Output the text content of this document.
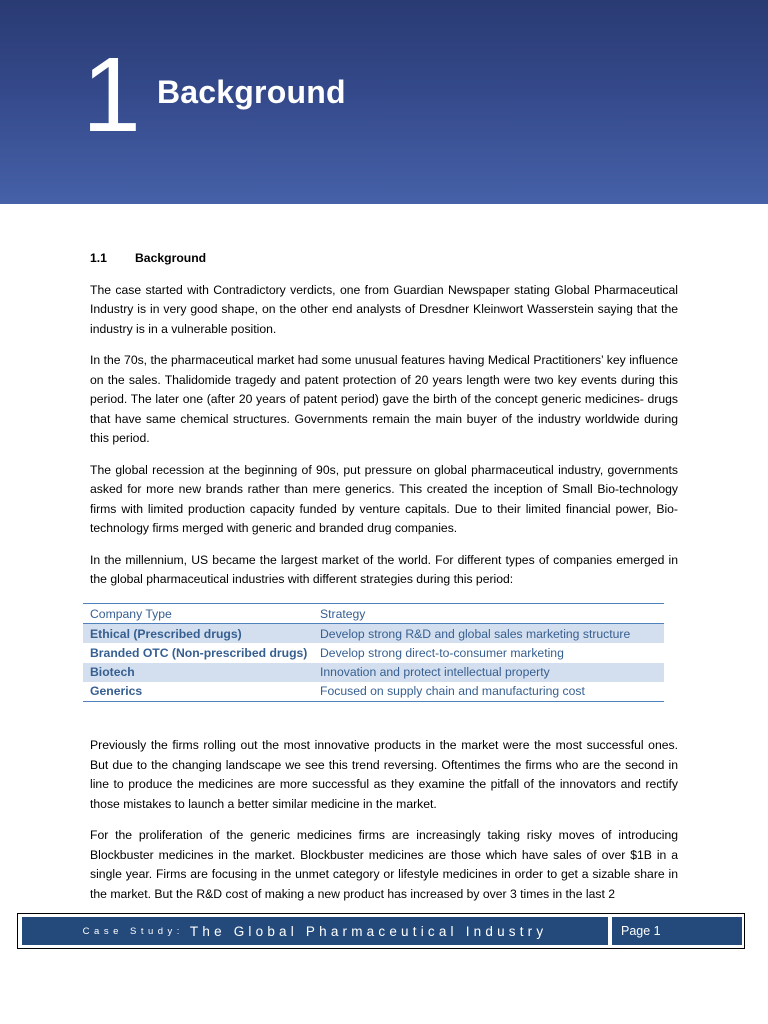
1 Background
1.1	Background

The case started with Contradictory verdicts, one from Guardian Newspaper stating Global Pharmaceutical Industry is in very good shape, on the other end analysts of Dresdner Kleinwort Wasserstein saying that the industry is in a vulnerable position.

In the 70s, the pharmaceutical market had some unusual features having Medical Practitioners’ key influence on the sales. Thalidomide tragedy and patent protection of 20 years length were two key events during this period. The later one (after 20 years of patent period) gave the birth of the concept generic medicines- drugs that have same chemical structures. Governments remain the main buyer of the industry worldwide during this period.

The global recession at the beginning of 90s, put pressure on global pharmaceutical industry, governments asked for more new brands rather than mere generics. This created the inception of Small Bio-technology firms with limited production capacity funded by venture capitals. Due to their limited financial power, Bio-technology firms merged with generic and branded drug companies.

In the millennium, US became the largest market of the world. For different types of companies emerged in the global pharmaceutical industries with different strategies during this period:

Company Type	Strategy
Ethical (Prescribed drugs)	Develop strong R&D and global sales marketing structure
Branded OTC (Non-prescribed drugs)	Develop strong direct-to-consumer marketing
Biotech	Innovation and protect intellectual property
Generics	Focused on supply chain and manufacturing cost

Previously the firms rolling out the most innovative products in the market were the most successful ones. But due to the changing landscape we see this trend reversing. Oftentimes the firms who are the second in line to produce the medicines are more successful as they examine the pitfall of the innovators and rectify those mistakes to launch a better similar medicine in the market.

For the proliferation of the generic medicines firms are increasingly taking risky moves of introducing Blockbuster medicines in the market. Blockbuster medicines are those which have sales of over $1B in a single year. Firms are focusing in the unmet category or lifestyle medicines in order to get a sizable share in the market. But the R&D cost of making a new product has increased by over 3 times in the last 2

Case Study: The Global Pharmaceutical Industry	Page 1
